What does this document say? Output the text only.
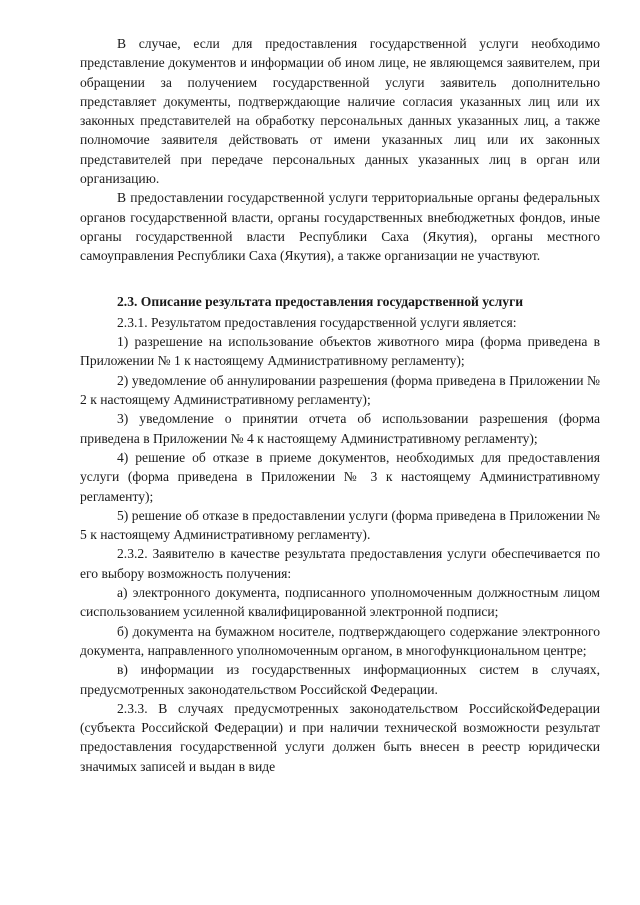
В случае, если для предоставления государственной услуги необходимо представление документов и информации об ином лице, не являющемся заявителем, при обращении за получением государственной услуги заявитель дополнительно представляет документы, подтверждающие наличие согласия указанных лиц или их законных представителей на обработку персональных данных указанных лиц, а также полномочие заявителя действовать от имени указанных лиц или их законных представителей при передаче персональных данных указанных лиц в орган или организацию.

В предоставлении государственной услуги территориальные органы федеральных органов государственной власти, органы государственных внебюджетных фондов, иные органы государственной власти Республики Саха (Якутия), органы местного самоуправления Республики Саха (Якутия), а также организации не участвуют.

2.3. Описание результата предоставления государственной услуги

2.3.1. Результатом предоставления государственной услуги является:

1) разрешение на использование объектов животного мира (форма приведена в Приложении № 1 к настоящему Административному регламенту);

2) уведомление об аннулировании разрешения (форма приведена в Приложении № 2 к настоящему Административному регламенту);

3) уведомление о принятии отчета об использовании разрешения (форма приведена в Приложении № 4 к настоящему Административному регламенту);

4) решение об отказе в приеме документов, необходимых для предоставления услуги (форма приведена в Приложении № 3 к настоящему Административному регламенту);

5) решение об отказе в предоставлении услуги (форма приведена в Приложении № 5 к настоящему Административному регламенту).

2.3.2. Заявителю в качестве результата предоставления услуги обеспечивается по его выбору возможность получения:

а) электронного документа, подписанного уполномоченным должностным лицом сиспользованием усиленной квалифицированной электронной подписи;

б) документа на бумажном носителе, подтверждающего содержание электронного документа, направленного уполномоченным органом, в многофункциональном центре;

в) информации из государственных информационных систем в случаях, предусмотренных законодательством Российской Федерации.

2.3.3. В случаях предусмотренных законодательством РоссийскойФедерации (субъекта Российской Федерации) и при наличии технической возможности результат предоставления государственной услуги должен быть внесен в реестр юридически значимых записей и выдан в виде
